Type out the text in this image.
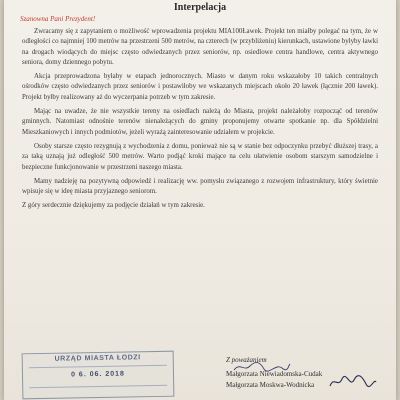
Interpelacja
Szanowna Pani Prezydent!

Zwracamy się z zapytaniem o możliwość wprowadzenia projektu MIA100Ławek. Projekt ten miałby polegać na tym, że w odległości co najmniej 100 metrów na przestrzeni 500 metrów, na czterech (w przybliżeniu) kierunkach, ustawione byłyby ławki na drogach wiodących do miejsc często odwiedzanych przez seniorów, np. osiedlowe centra handlowe, centra aktywnego seniora, domy dziennego pobytu.

Akcja przeprowadzona byłaby w etapach jednorocznych. Miasto w danym roku wskazałoby 10 takich centralnych ośrodków często odwiedzanych przez seniorów i postawiłoby we wskazanych miejscach około 20 ławek (łącznie 200 ławek). Projekt byłby realizowany aż do wyczerpania potrzeb w tym zakresie.

Mając na uwadze, że nie wszystkie tereny na osiedlach należą do Miasta, projekt należałoby rozpocząć od terenów gminnych. Natomiast odnośnie terenów nienależących do gminy proponujemy otwarte spotkanie np. dla Spółdzielni Mieszkaniowych i innych podmiotów, jeżeli wyrażą zainteresowanie udziałem w projekcie.

Osoby starsze często rezygnują z wychodzenia z domu, ponieważ nie są w stanie bez odpoczynku przebyć dłuższej trasy, a za taką uznają już odległość 500 metrów. Warto podjąć kroki mające na celu ułatwienie osobom starszym samodzielne i bezpieczne funkcjonowanie w przestrzeni naszego miasta.

Mamy nadzieję na pozytywną odpowiedź i realizację ww. pomysłu związanego z rozwojem infrastruktury, który świetnie wpisuje się w ideę miasta przyjaznego seniorom.

Z góry serdecznie dziękujemy za podjęcie działań w tym zakresie.

URZĄD MIASTA ŁODZI
0 6. 06. 2018
Z poważaniem
Małgorzata Niewiadomska-Cudak
Małgorzata Moskwa-Wodnicka
